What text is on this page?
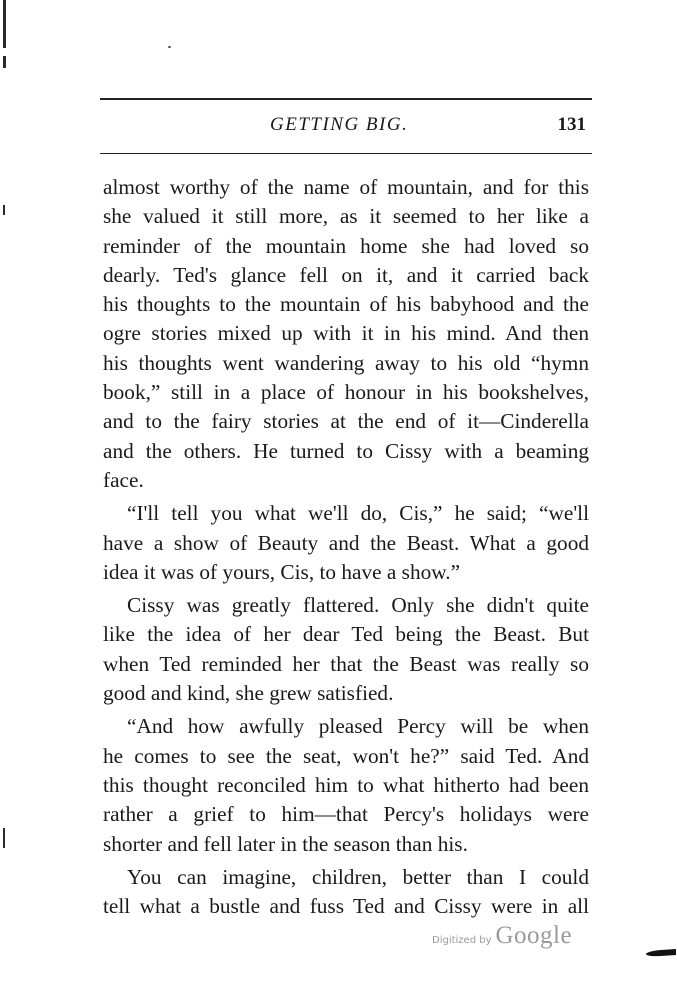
GETTING BIG.	131
almost worthy of the name of mountain, and for this
she valued it still more, as it seemed to her like a
reminder of the mountain home she had loved so
dearly. Ted's glance fell on it, and it carried back
his thoughts to the mountain of his babyhood and the
ogre stories mixed up with it in his mind. And then
his thoughts went wandering away to his old “hymn
book,” still in a place of honour in his bookshelves,
and to the fairy stories at the end of it—Cinderella
and the others. He turned to Cissy with a beaming
face.
“I'll tell you what we'll do, Cis,” he said; “we'll
have a show of Beauty and the Beast. What a good
idea it was of yours, Cis, to have a show.”
Cissy was greatly flattered. Only she didn't quite
like the idea of her dear Ted being the Beast. But
when Ted reminded her that the Beast was really so
good and kind, she grew satisfied.
“And how awfully pleased Percy will be when
he comes to see the seat, won't he?” said Ted. And
this thought reconciled him to what hitherto had been
rather a grief to him—that Percy's holidays were
shorter and fell later in the season than his.
You can imagine, children, better than I could
tell what a bustle and fuss Ted and Cissy were in all
Digitized by Google
